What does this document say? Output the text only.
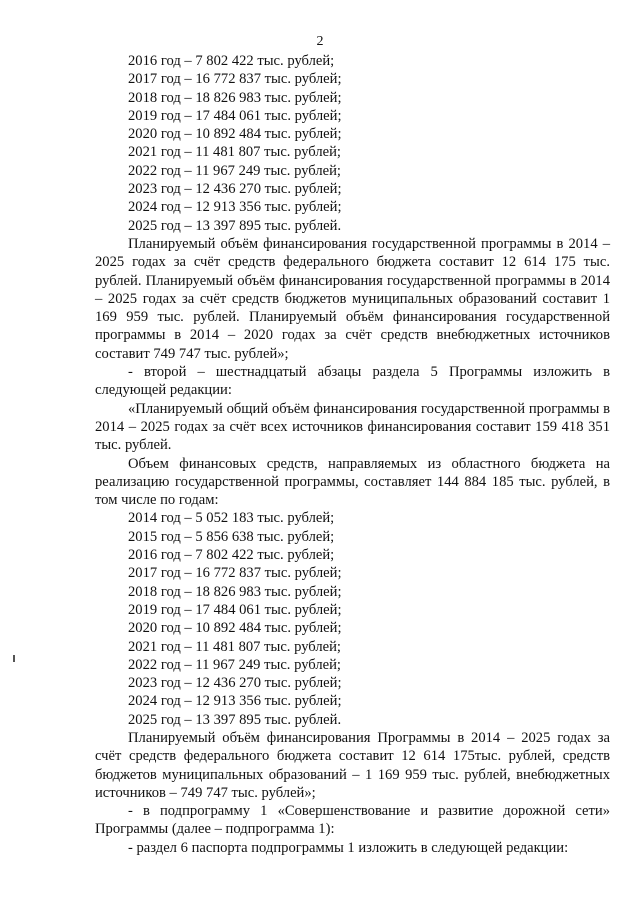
2
2016 год – 7 802 422 тыс. рублей;
2017 год – 16 772 837 тыс. рублей;
2018 год – 18 826 983 тыс. рублей;
2019 год – 17 484 061 тыс. рублей;
2020 год – 10 892 484 тыс. рублей;
2021 год – 11 481 807 тыс. рублей;
2022 год – 11 967 249 тыс. рублей;
2023 год – 12 436 270 тыс. рублей;
2024 год – 12 913 356 тыс. рублей;
2025 год – 13 397 895 тыс. рублей.

Планируемый объём финансирования государственной программы в 2014 – 2025 годах за счёт средств федерального бюджета составит 12 614 175 тыс. рублей. Планируемый объём финансирования государственной программы в 2014 – 2025 годах за счёт средств бюджетов муниципальных образований составит 1 169 959 тыс. рублей. Планируемый объём финансирования государственной программы в 2014 – 2020 годах за счёт средств внебюджетных источников составит 749 747 тыс. рублей»;

- второй – шестнадцатый абзацы раздела 5 Программы изложить в следующей редакции:

«Планируемый общий объём финансирования государственной программы в 2014 – 2025 годах за счёт всех источников финансирования составит 159 418 351 тыс. рублей.

Объем финансовых средств, направляемых из областного бюджета на реализацию государственной программы, составляет 144 884 185 тыс. рублей, в том числе по годам:

2014 год – 5 052 183 тыс. рублей;
2015 год – 5 856 638 тыс. рублей;
2016 год – 7 802 422 тыс. рублей;
2017 год – 16 772 837 тыс. рублей;
2018 год – 18 826 983 тыс. рублей;
2019 год – 17 484 061 тыс. рублей;
2020 год – 10 892 484 тыс. рублей;
2021 год – 11 481 807 тыс. рублей;
2022 год – 11 967 249 тыс. рублей;
2023 год – 12 436 270 тыс. рублей;
2024 год – 12 913 356 тыс. рублей;
2025 год – 13 397 895 тыс. рублей.

Планируемый объём финансирования Программы в 2014 – 2025 годах за счёт средств федерального бюджета составит 12 614 175тыс. рублей, средств бюджетов муниципальных образований – 1 169 959 тыс. рублей, внебюджетных источников – 749 747 тыс. рублей»;

- в подпрограмму 1 «Совершенствование и развитие дорожной сети» Программы (далее – подпрограмма 1):

- раздел 6 паспорта подпрограммы 1 изложить в следующей редакции:
